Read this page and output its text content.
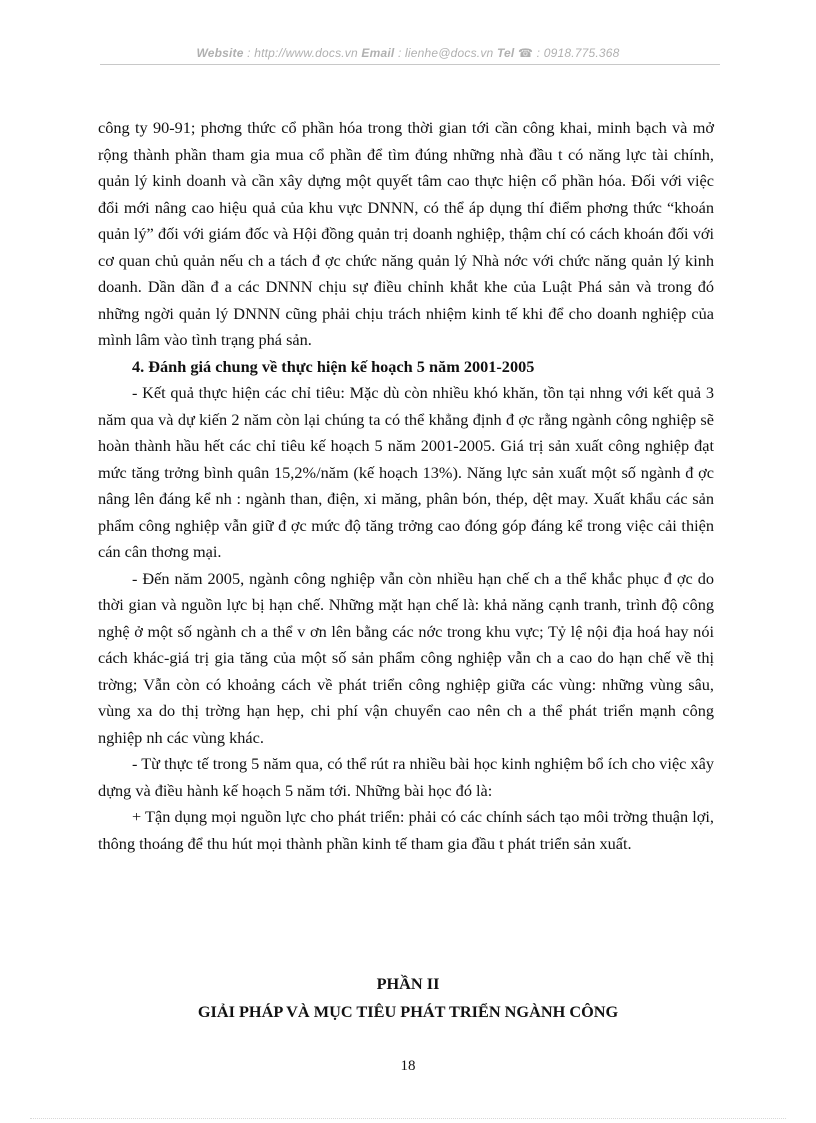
Website : http://www.docs.vn Email : lienhe@docs.vn Tel ☎ : 0918.775.368

công ty 90-91; phơng thức cổ phần hóa trong thời gian tới cần công khai, minh bạch và mở rộng thành phần tham gia mua cổ phần để tìm đúng những nhà đầu t có năng lực tài chính, quản lý kinh doanh và cần xây dựng một quyết tâm cao thực hiện cổ phần hóa. Đối với việc đổi mới nâng cao hiệu quả của khu vực DNNN, có thể áp dụng thí điểm phơng thức “khoán quản lý” đối với giám đốc và Hội đồng quản trị doanh nghiệp, thậm chí có cách khoán đối với cơ quan chủ quản nếu ch a tách đ ợc chức năng quản lý Nhà nớc với chức năng quản lý kinh doanh. Dần dần đ a các DNNN chịu sự điều chỉnh khắt khe của Luật Phá sản và trong đó những ngời quản lý DNNN cũng phải chịu trách nhiệm kinh tế khi để cho doanh nghiệp của mình lâm vào tình trạng phá sản.

4. Đánh giá chung về thực hiện kế hoạch 5 năm 2001-2005

- Kết quả thực hiện các chỉ tiêu: Mặc dù còn nhiều khó khăn, tồn tại nhng với kết quả 3 năm qua và dự kiến 2 năm còn lại chúng ta có thể khẳng định đ ợc rằng ngành công nghiệp sẽ hoàn thành hầu hết các chỉ tiêu kế hoạch 5 năm 2001-2005. Giá trị sản xuất công nghiệp đạt mức tăng trởng bình quân 15,2%/năm (kế hoạch 13%). Năng lực sản xuất một số ngành đ ợc nâng lên đáng kể nh : ngành than, điện, xi măng, phân bón, thép, dệt may. Xuất khẩu các sản phẩm công nghiệp vẫn giữ đ ợc mức độ tăng trởng cao đóng góp đáng kể trong việc cải thiện cán cân thơng mại.

- Đến năm 2005, ngành công nghiệp vẫn còn nhiều hạn chế ch a thể khắc phục đ ợc do thời gian và nguồn lực bị hạn chế. Những mặt hạn chế là: khả năng cạnh tranh, trình độ công nghệ ở một số ngành ch a thể v ơn lên bằng các nớc trong khu vực; Tỷ lệ nội địa hoá hay nói cách khác-giá trị gia tăng của một số sản phẩm công nghiệp vẫn ch a cao do hạn chế về thị trờng; Vẫn còn có khoảng cách về phát triển công nghiệp giữa các vùng: những vùng sâu, vùng xa do thị trờng hạn hẹp, chi phí vận chuyển cao nên ch a thể phát triển mạnh công nghiệp nh các vùng khác.

- Từ thực tế trong 5 năm qua, có thể rút ra nhiều bài học kinh nghiệm bổ ích cho việc xây dựng và điều hành kế hoạch 5 năm tới. Những bài học đó là:

+ Tận dụng mọi nguồn lực cho phát triển: phải có các chính sách tạo môi trờng thuận lợi, thông thoáng để thu hút mọi thành phần kinh tế tham gia đầu t phát triển sản xuất.

PHẦN II
GIẢI PHÁP VÀ MỤC TIÊU PHÁT TRIỂN NGÀNH CÔNG
18
